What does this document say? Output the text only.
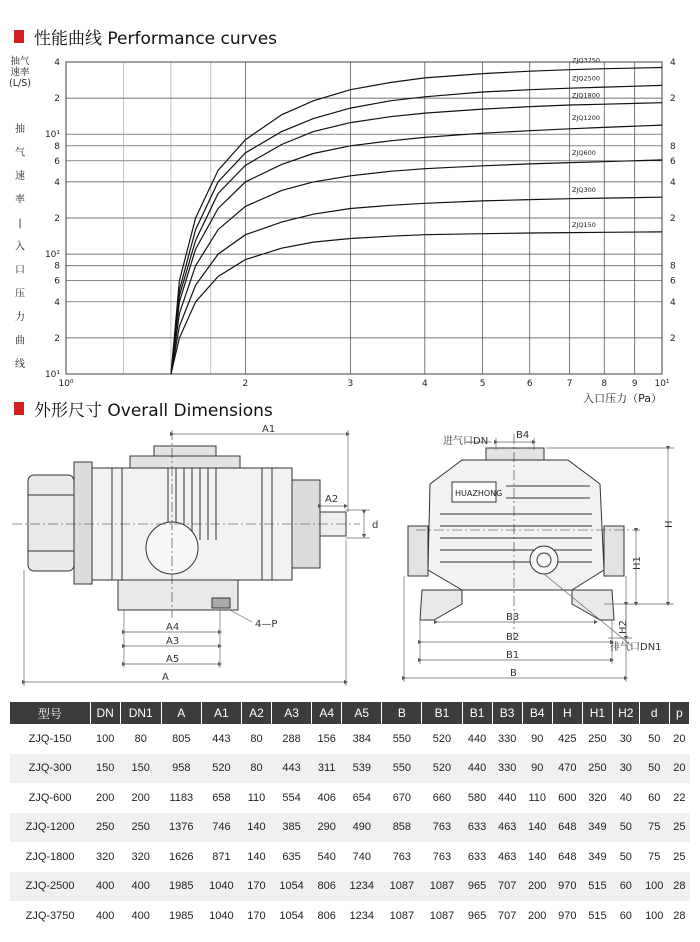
性能曲线 Performance curves
10¹
2
4
6
8
10²
2
4
6
8
10¹
2
4
10⁰	2	3	4	5	6	7	8	9 10¹
4
2
4
6
8
2
4
6
8
2
ZJQ3750
ZJQ2500
ZJQ1800
ZJQ1200
ZJQ600
ZJQ300
ZJQ150
抽气
速率
(L/S)
抽
气
速
率
|
入
口
压
力
曲
线
入口压力（Pa）
外形尺寸 Overall Dimensions
A1
A2
d
4—P
A4
A3
A5
A
HUAZHONG
进气口DN
B4
H
H1
H2
B3
B2
B1
B
排气口DN1
型号	DN	DN1	A	A1	A2	A3	A4	A5	B	B1	B1	B3	B4	H	H1	H2	d	p
ZJQ-150	100	80	805	443	80	288	156	384	550	520	440	330	90	425	250	30	50	20
ZJQ-300	150	150	958	520	80	443	311	539	550	520	440	330	90	470	250	30	50	20
ZJQ-600	200	200	1183	658	110	554	406	654	670	660	580	440	110	600	320	40	60	22
ZJQ-1200	250	250	1376	746	140	385	290	490	858	763	633	463	140	648	349	50	75	25
ZJQ-1800	320	320	1626	871	140	635	540	740	763	763	633	463	140	648	349	50	75	25
ZJQ-2500	400	400	1985	1040	170	1054	806	1234	1087	1087	965	707	200	970	515	60	100	28
ZJQ-3750	400	400	1985	1040	170	1054	806	1234	1087	1087	965	707	200	970	515	60	100	28
